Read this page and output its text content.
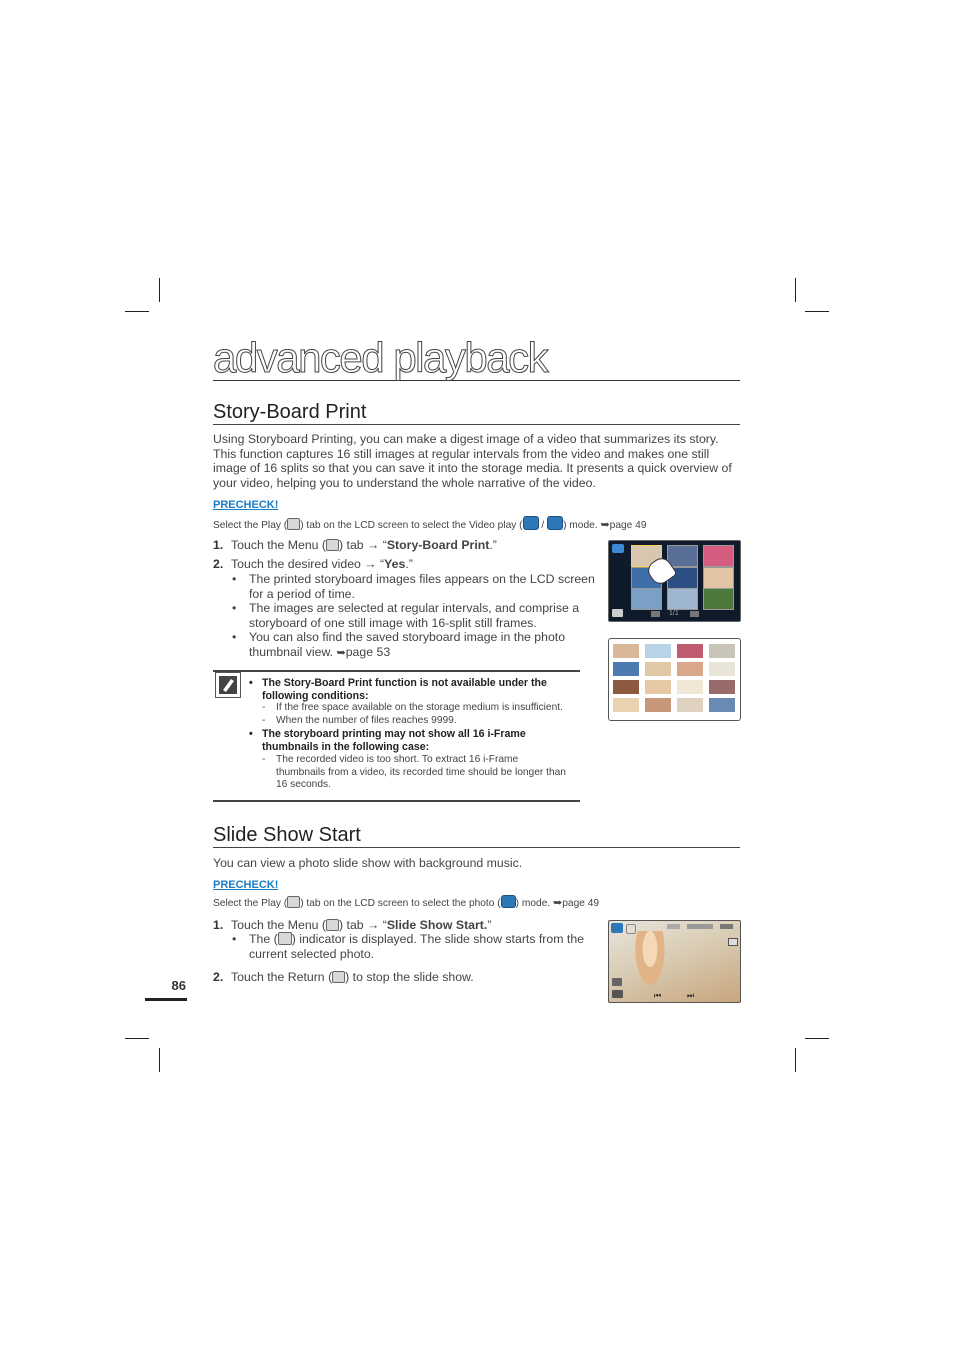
advanced playback
Story-Board Print
Using Storyboard Printing, you can make a digest image of a video that summarizes its story. This function captures 16 still images at regular intervals from the video and makes one still image of 16 splits so that you can save it into the storage media. It presents a quick overview of your video, helping you to understand the whole narrative of the video.
PRECHECK!
Select the Play ( ) tab on the LCD screen to select the Video play ( / ) mode. ➥page 49
1. Touch the Menu ( ) tab → “Story-Board Print.”
2. Touch the desired video → “Yes.”
•	The printed storyboard images files appears on the LCD screen for a period of time.
•	The images are selected at regular intervals, and comprise a storyboard of one still image with 16-split still frames.
•	You can also find the saved storyboard image in the photo thumbnail view. ➥page 53
1/1
• The Story-Board Print function is not available under the following conditions:
-	If the free space available on the storage medium is insufficient.
-	When the number of files reaches 9999.
• The storyboard printing may not show all 16 i-Frame thumbnails in the following case:
-	The recorded video is too short. To extract 16 i-Frame thumbnails from a video, its recorded time should be longer than 16 seconds.
Slide Show Start
You can view a photo slide show with background music.
PRECHECK!
Select the Play ( ) tab on the LCD screen to select the photo ( ) mode. ➥page 49
1. Touch the Menu ( ) tab → “Slide Show Start.”
•	The ( ) indicator is displayed. The slide show starts from the current selected photo.
2. Touch the Return ( ) to stop the slide show.
⏮	⏭
86
